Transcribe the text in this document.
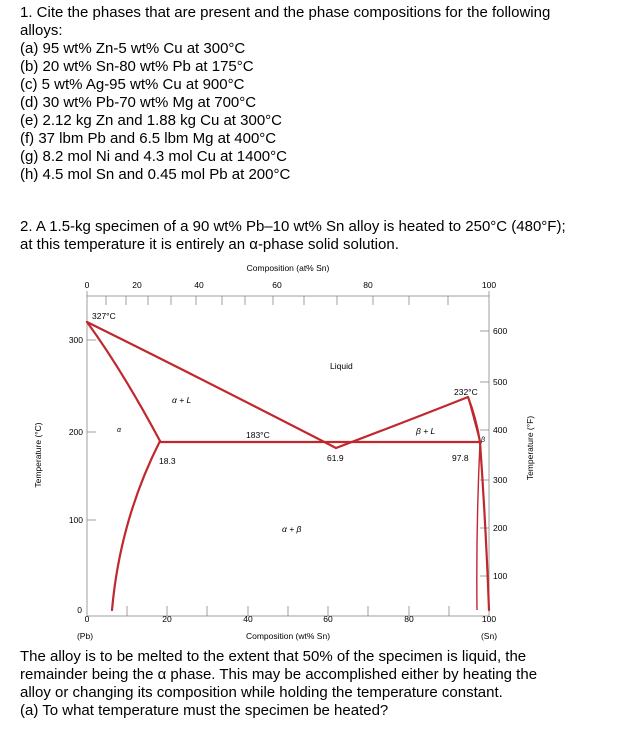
1. Cite the phases that are present and the phase compositions for the following
alloys:
(a) 95 wt% Zn-5 wt% Cu at 300°C
(b) 20 wt% Sn-80 wt% Pb at 175°C
(c) 5 wt% Ag-95 wt% Cu at 900°C
(d) 30 wt% Pb-70 wt% Mg at 700°C
(e) 2.12 kg Zn and 1.88 kg Cu at 300°C
(f) 37 lbm Pb and 6.5 lbm Mg at 400°C
(g) 8.2 mol Ni and 4.3 mol Cu at 1400°C
(h) 4.5 mol Sn and 0.45 mol Pb at 200°C
2. A 1.5-kg specimen of a 90 wt% Pb–10 wt% Sn alloy is heated to 250°C (480°F);
at this temperature it is entirely an α-phase solid solution.
Composition (at% Sn)
0	20	40	60	80	100
0	20	40	60	80	100
(Pb)	Composition (wt% Sn)	(Sn)
300
200
100
0
Temperature (°C)
600
500
400
300
200
100
Temperature (°F)
327°C
232°C
183°C
Liquid
α + L
β + L
α
β
α + β
18.3	61.9	97.8
The alloy is to be melted to the extent that 50% of the specimen is liquid, the
remainder being the α phase. This may be accomplished either by heating the
alloy or changing its composition while holding the temperature constant.
(a) To what temperature must the specimen be heated?
